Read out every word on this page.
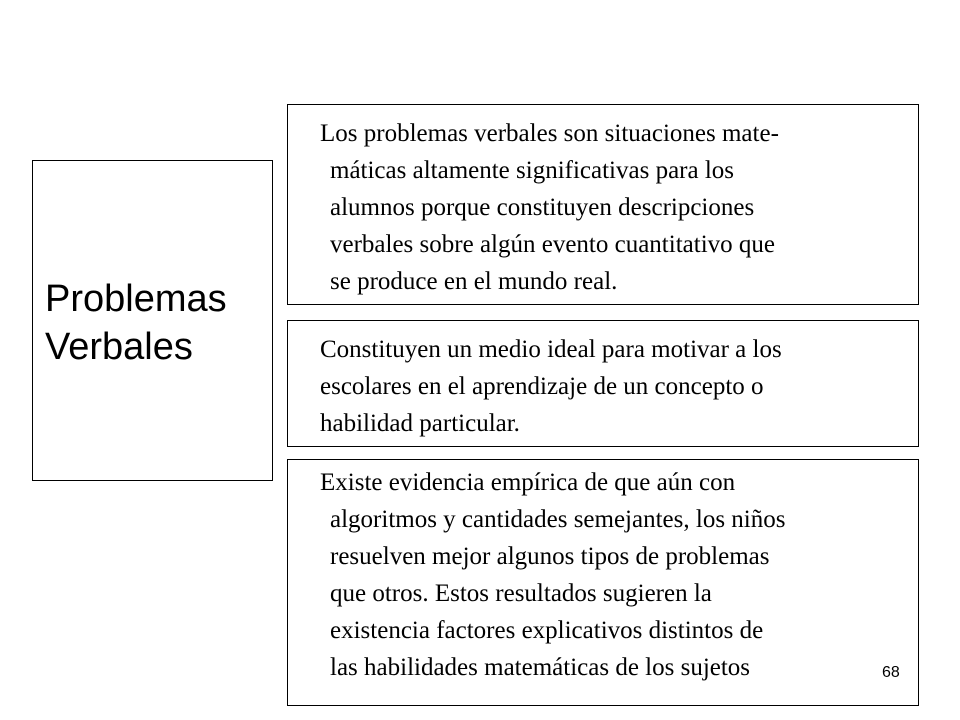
Problemas
Verbales
Los problemas verbales son situaciones mate-
máticas altamente significativas para los
alumnos porque constituyen descripciones
verbales sobre algún evento cuantitativo que
se produce en el mundo real.
Constituyen un medio ideal para motivar a los
escolares en el aprendizaje de un concepto o
habilidad particular.
Existe evidencia empírica de que aún con
algoritmos y cantidades semejantes, los niños
resuelven mejor algunos tipos de problemas
que otros. Estos resultados sugieren la
existencia factores explicativos distintos de
las habilidades matemáticas de los sujetos	68
